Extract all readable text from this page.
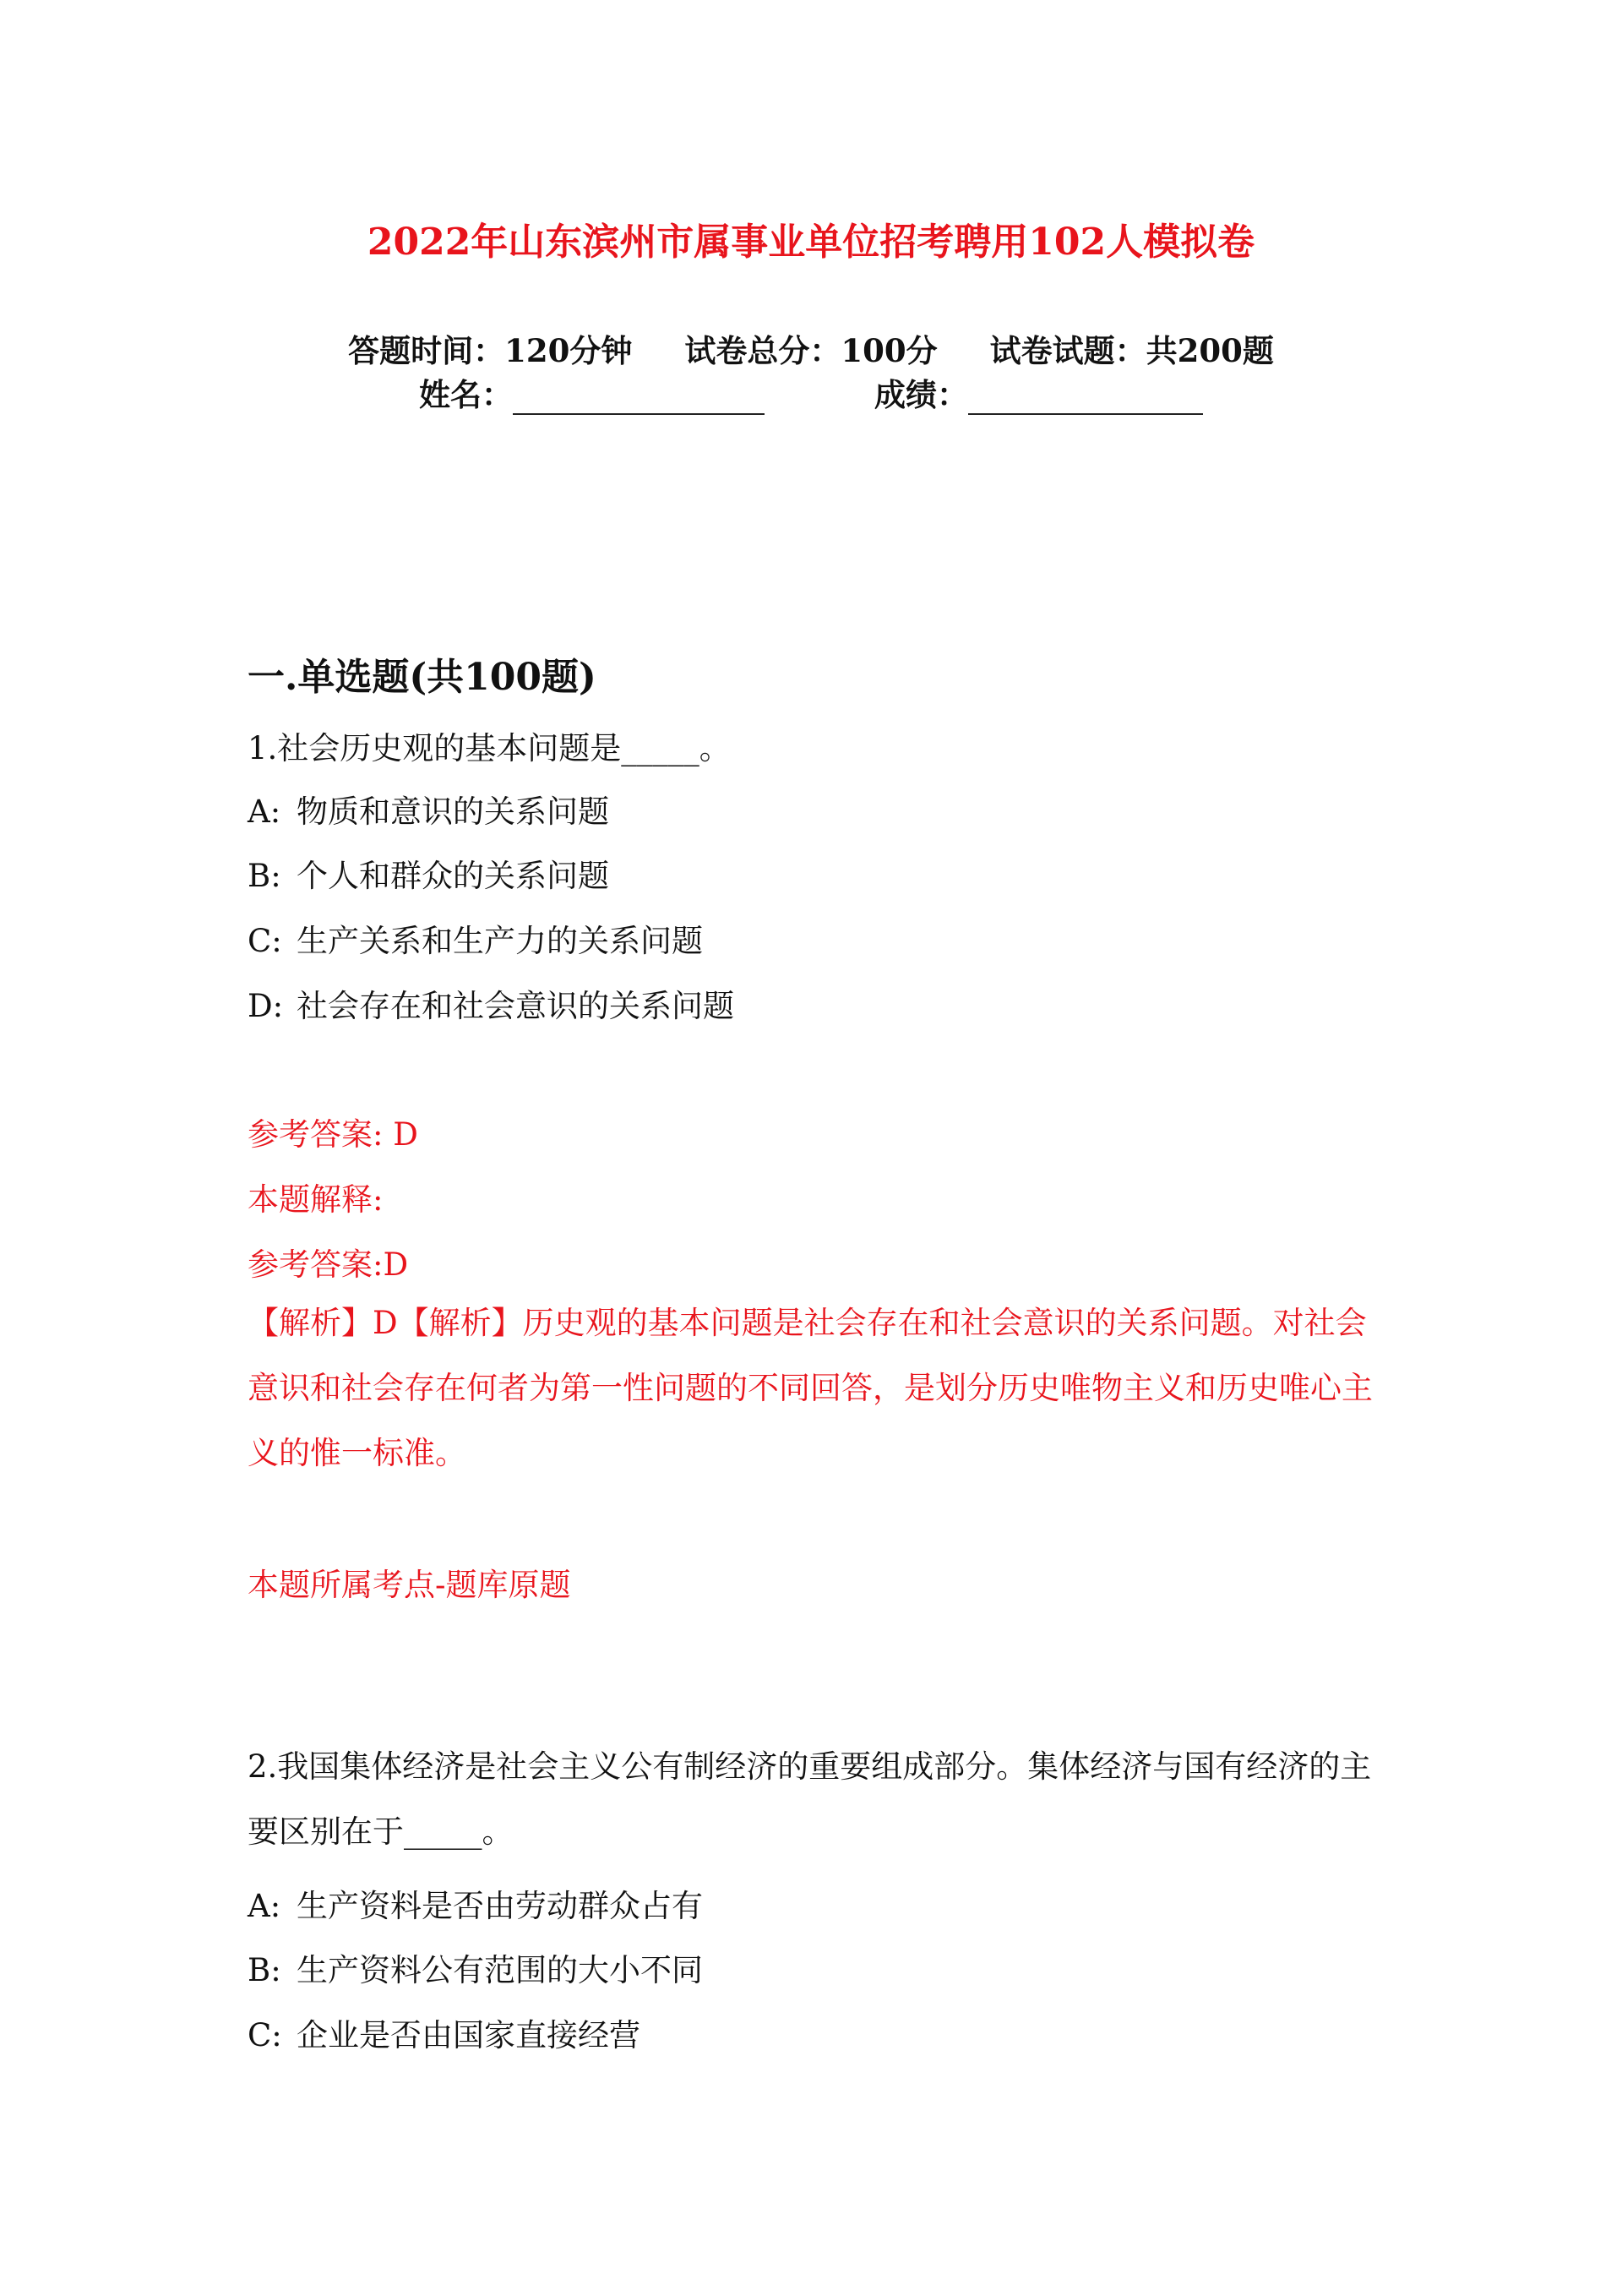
2022年山东滨州市属事业单位招考聘用102人模拟卷
答题时间：120分钟 试卷总分：100分 试卷试题：共200题
姓名：	成绩：
一.单选题(共100题)
1.社会历史观的基本问题是_____。
A: 物质和意识的关系问题
B: 个人和群众的关系问题
C: 生产关系和生产力的关系问题
D: 社会存在和社会意识的关系问题
参考答案: D
本题解释:
参考答案:D
【解析】D【解析】历史观的基本问题是社会存在和社会意识的关系问题。对社会意识和社会存在何者为第一性问题的不同回答，是划分历史唯物主义和历史唯心主义的惟一标准。
本题所属考点-题库原题
2.我国集体经济是社会主义公有制经济的重要组成部分。集体经济与国有经济的主要区别在于_____。
A: 生产资料是否由劳动群众占有
B: 生产资料公有范围的大小不同
C: 企业是否由国家直接经营
